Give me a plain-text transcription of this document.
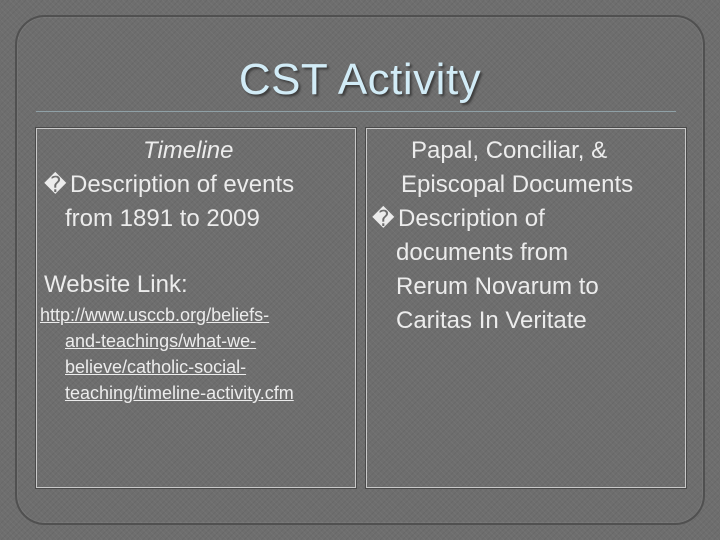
CST Activity
Timeline
� Description of events
from 1891 to 2009
Website Link:
http://www.usccb.org/beliefs-
and-teachings/what-we-
believe/catholic-social-
teaching/timeline-activity.cfm
Papal, Conciliar, &
Episcopal Documents
� Description of
documents from
Rerum Novarum to
Caritas In Veritate
